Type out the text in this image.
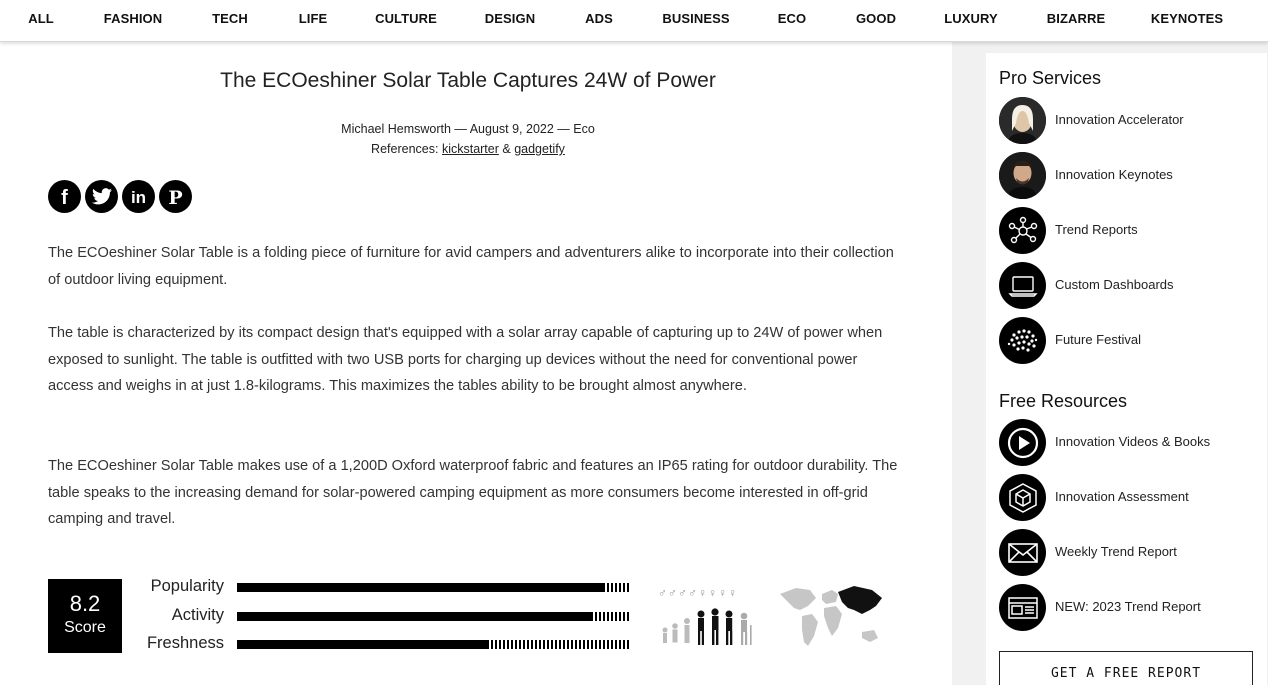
ALL	FASHION	TECH	LIFE	CULTURE	DESIGN	ADS	BUSINESS	ECO	GOOD	LUXURY	BIZARRE	KEYNOTES
The ECOeshiner Solar Table Captures 24W of Power
Michael Hemsworth — August 9, 2022 — Eco
References: kickstarter & gadgetify
f	in P

The ECOeshiner Solar Table is a folding piece of furniture for avid campers and adventurers alike to incorporate into their collection of outdoor living equipment.

The table is characterized by its compact design that's equipped with a solar array capable of capturing up to 24W of power when exposed to sunlight. The table is outfitted with two USB ports for charging up devices without the need for conventional power access and weighs in at just 1.8-kilograms. This maximizes the tables ability to be brought almost anywhere.

The ECOeshiner Solar Table makes use of a 1,200D Oxford waterproof fabric and features an IP65 rating for outdoor durability. The table speaks to the increasing demand for solar-powered camping equipment as more consumers become interested in off-grid camping and travel.

8.2
Score
Popularity
Activity
Freshness
♂♂♂♂♀♀♀♀
Pro Services
Innovation Accelerator
Innovation Keynotes
Trend Reports
Custom Dashboards
Future Festival
Free Resources
Innovation Videos & Books
Innovation Assessment
Weekly Trend Report
NEW: 2023 Trend Report
GET A FREE REPORT
